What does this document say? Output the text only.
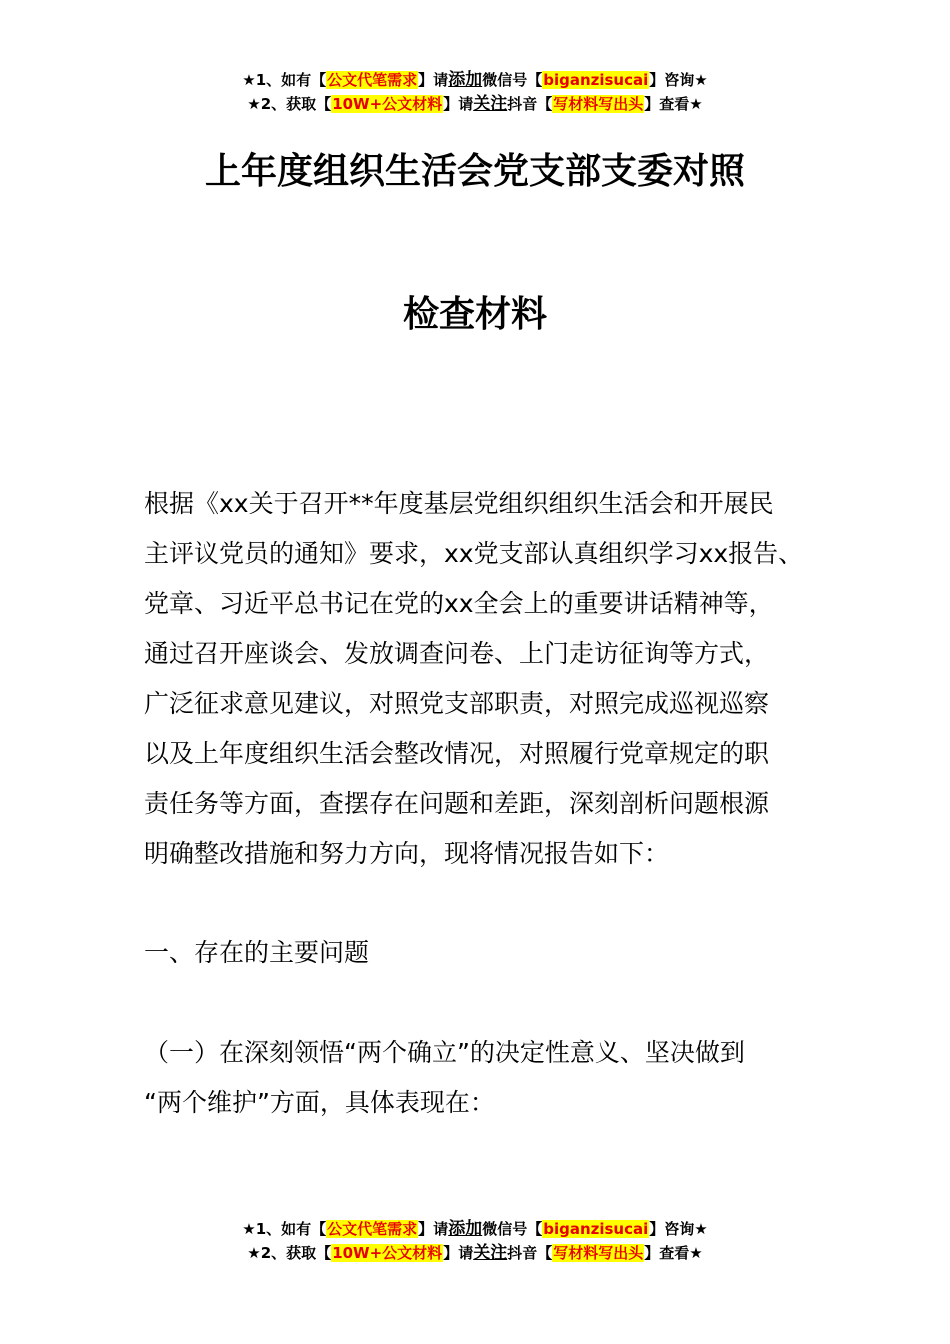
★1、如有【公文代笔需求】请添加微信号【biganzisucai】咨询★
★2、获取【10W+公文材料】请关注抖音【写材料写出头】查看★
上年度组织生活会党支部支委对照
检查材料

根据《xx关于召开**年度基层党组织组织生活会和开展民

主评议党员的通知》要求，xx党支部认真组织学习xx报告、

党章、习近平总书记在党的xx全会上的重要讲话精神等，

通过召开座谈会、发放调查问卷、上门走访征询等方式，

广泛征求意见建议，对照党支部职责，对照完成巡视巡察

以及上年度组织生活会整改情况，对照履行党章规定的职

责任务等方面，查摆存在问题和差距，深刻剖析问题根源

明确整改措施和努力方向，现将情况报告如下：

一、存在的主要问题

（一）在深刻领悟“两个确立”的决定性意义、坚决做到

“两个维护”方面，具体表现在：

★1、如有【公文代笔需求】请添加微信号【biganzisucai】咨询★
★2、获取【10W+公文材料】请关注抖音【写材料写出头】查看★
